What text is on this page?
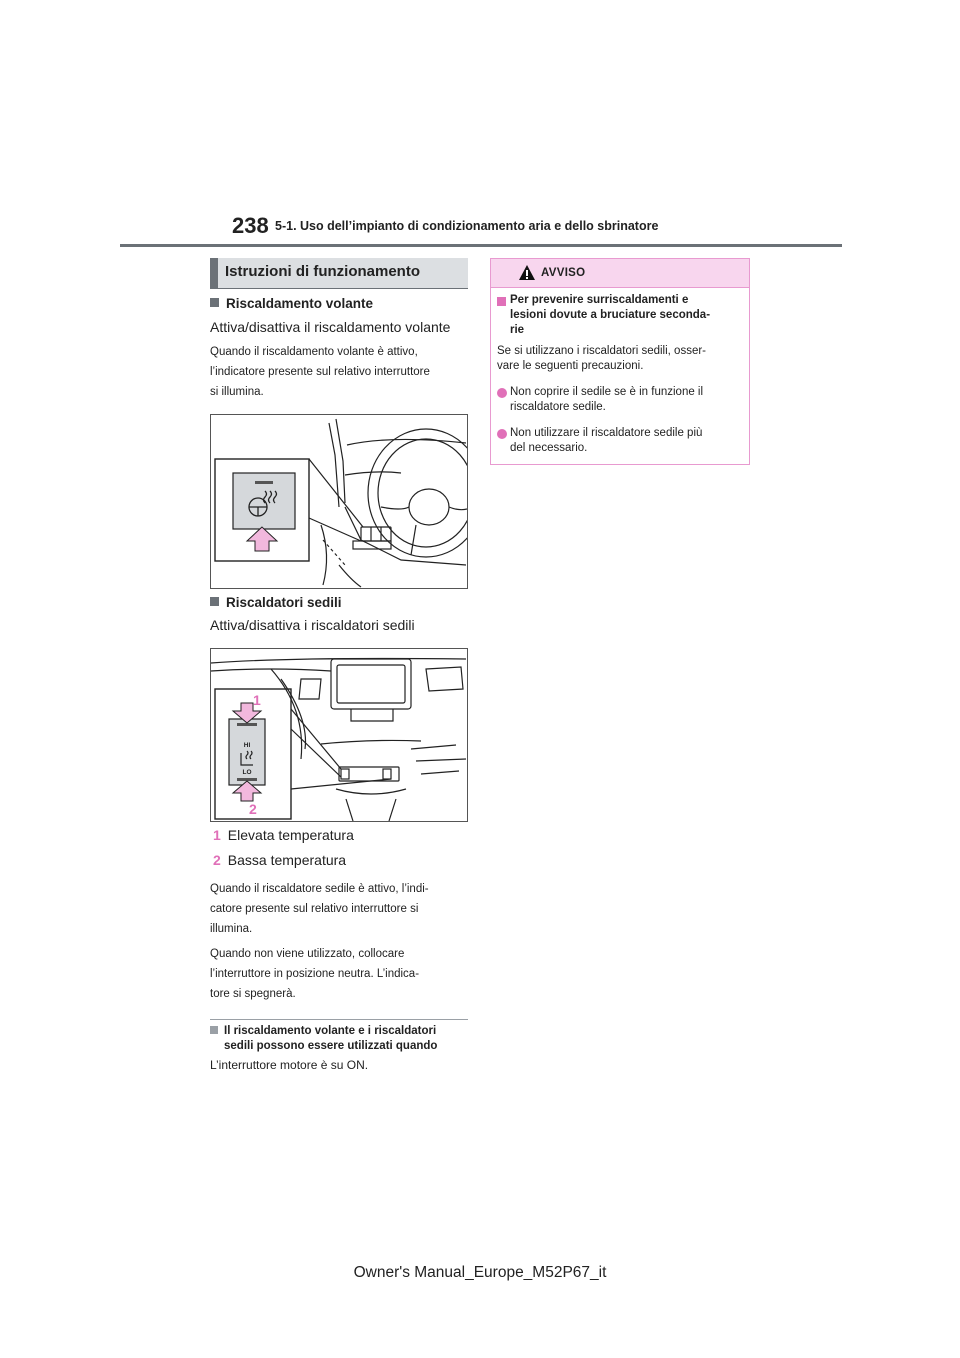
238 5-1. Uso dell’impianto di condizionamento aria e dello sbrinatore
Istruzioni di funzionamento
Riscaldamento volante
Attiva/disattiva il riscaldamento volante
Quando il riscaldamento volante è attivo,
l’indicatore presente sul relativo interruttore
si illumina.
Riscaldatori sedili
Attiva/disattiva i riscaldatori sedili
HI
LO
1
2
1 Elevata temperatura
2 Bassa temperatura
Quando il riscaldatore sedile è attivo, l’indi-
catore presente sul relativo interruttore si
illumina.
Quando non viene utilizzato, collocare
l’interruttore in posizione neutra. L’indica-
tore si spegnerà.
Il riscaldamento volante e i riscaldatori
sedili possono essere utilizzati quando
L’interruttore motore è su ON.
AVVISO
Per prevenire surriscaldamenti e
lesioni dovute a bruciature seconda-
rie
Se si utilizzano i riscaldatori sedili, osser-
vare le seguenti precauzioni.
Non coprire il sedile se è in funzione il
riscaldatore sedile.
Non utilizzare il riscaldatore sedile più
del necessario.
Owner's Manual_Europe_M52P67_it
